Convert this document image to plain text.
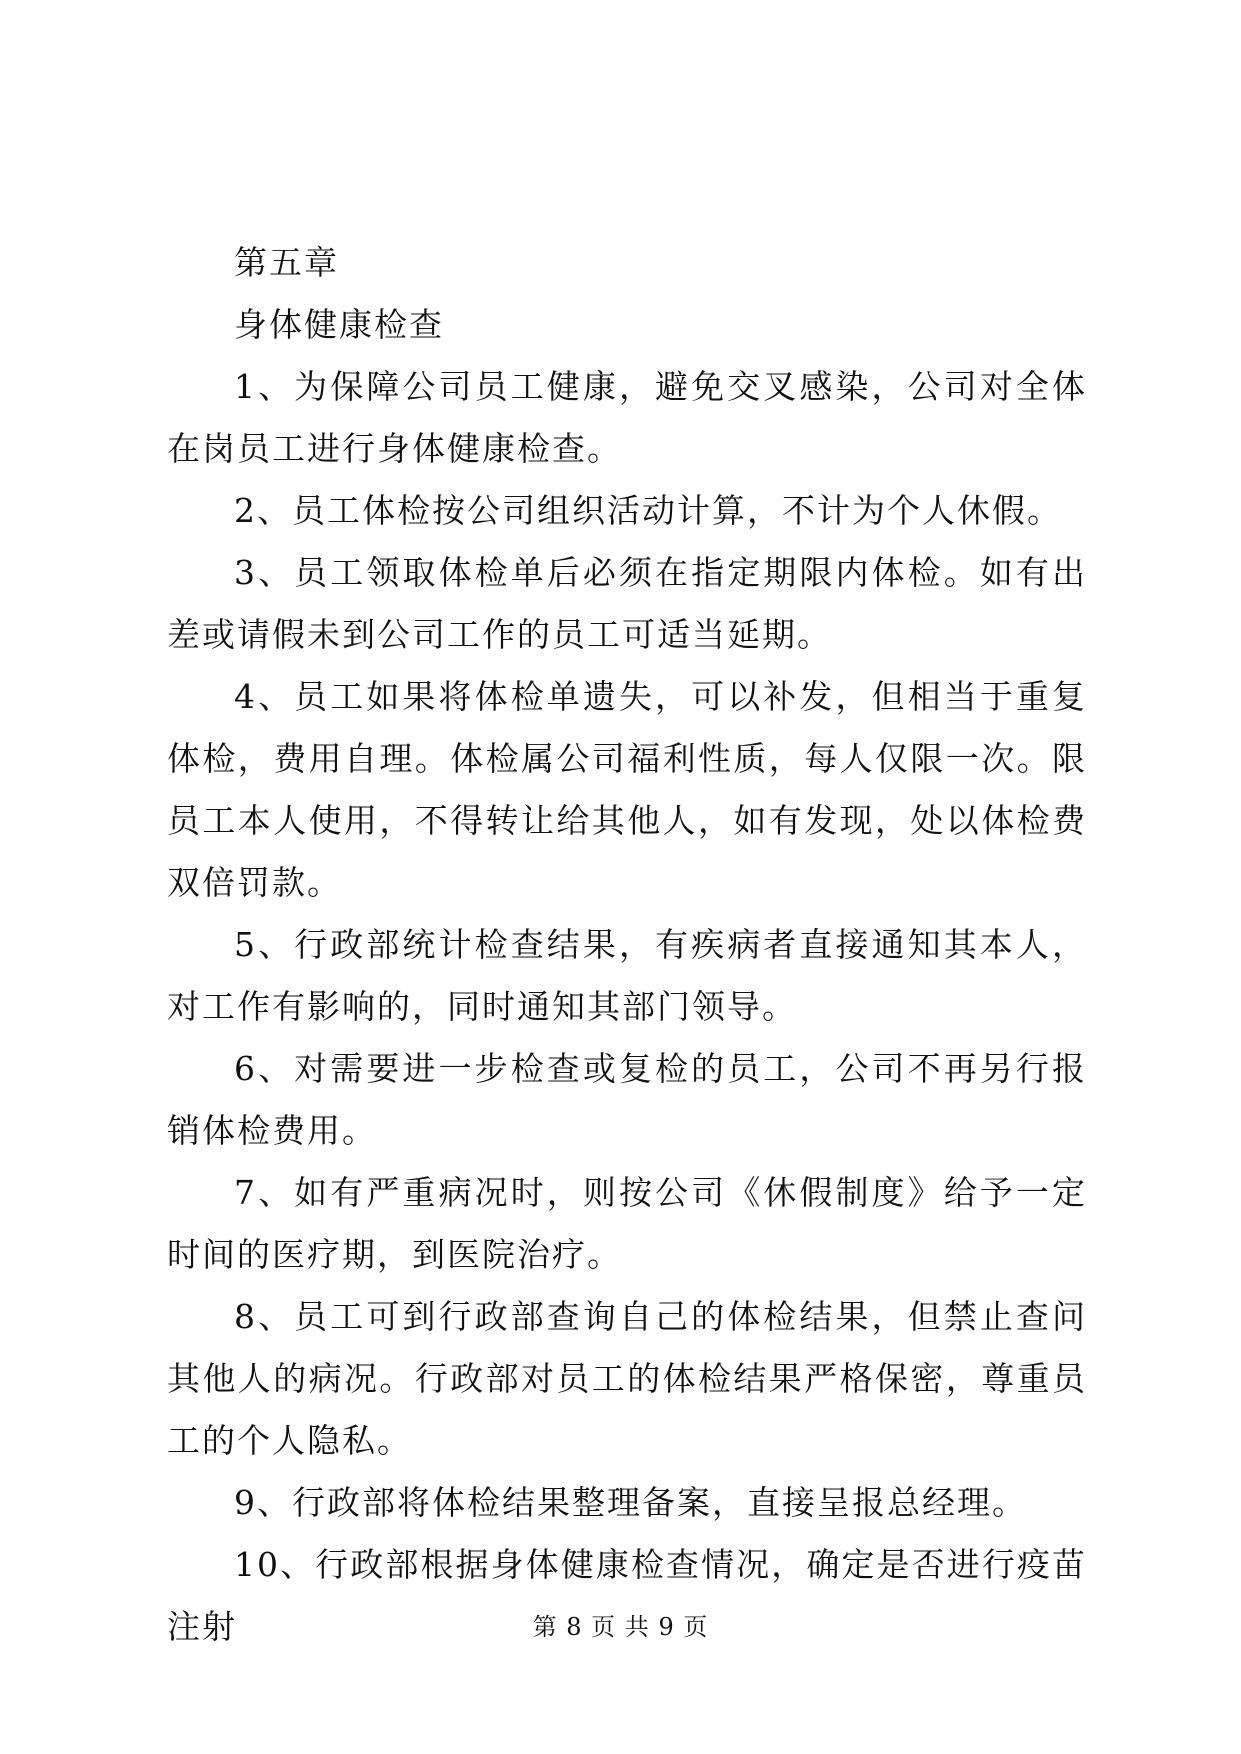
第五章

身体健康检查

1、为保障公司员工健康，避免交叉感染，公司对全体在岗员工进行身体健康检查。

2、员工体检按公司组织活动计算，不计为个人休假。

3、员工领取体检单后必须在指定期限内体检。如有出差或请假未到公司工作的员工可适当延期。

4、员工如果将体检单遗失，可以补发，但相当于重复体检，费用自理。体检属公司福利性质，每人仅限一次。限员工本人使用，不得转让给其他人，如有发现，处以体检费双倍罚款。

5、行政部统计检查结果，有疾病者直接通知其本人，对工作有影响的，同时通知其部门领导。

6、对需要进一步检查或复检的员工，公司不再另行报销体检费用。

7、如有严重病况时，则按公司《休假制度》给予一定时间的医疗期，到医院治疗。

8、员工可到行政部查询自己的体检结果，但禁止查问其他人的病况。行政部对员工的体检结果严格保密，尊重员工的个人隐私。

9、行政部将体检结果整理备案，直接呈报总经理。

10、行政部根据身体健康检查情况，确定是否进行疫苗注射	第 8 页 共 9 页
